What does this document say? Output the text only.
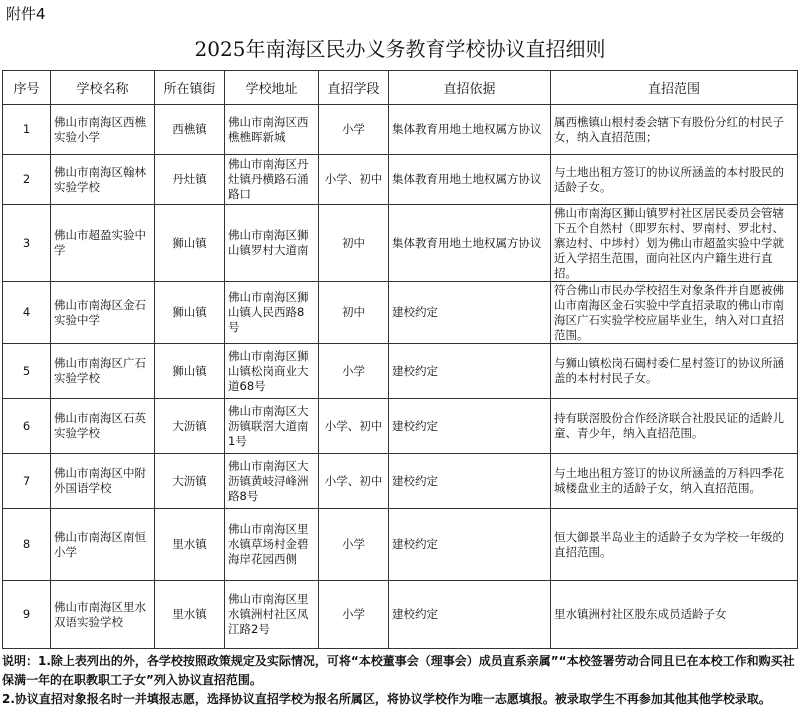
附件4
2025年南海区民办义务教育学校协议直招细则
序号	学校名称	所在镇街	学校地址	直招学段	直招依据	直招范围
1	佛山市南海区西樵实验小学	西樵镇	佛山市南海区西樵樵晖新城	小学	集体教育用地土地权属方协议	属西樵镇山根村委会辖下有股份分红的村民子女，纳入直招范围；
2	佛山市南海区翰林实验学校	丹灶镇	佛山市南海区丹灶镇丹横路石涌路口	小学、初中	集体教育用地土地权属方协议	与土地出租方签订的协议所涵盖的本村股民的适龄子女。
3	佛山市超盈实验中学	狮山镇	佛山市南海区狮山镇罗村大道南	初中	集体教育用地土地权属方协议	佛山市南海区狮山镇罗村社区居民委员会管辖下五个自然村（即罗东村、罗南村、罗北村、寨边村、中埗村）划为佛山市超盈实验中学就近入学招生范围，面向社区内户籍生进行直招。
4	佛山市南海区金石实验中学	狮山镇	佛山市南海区狮山镇人民西路8号	初中	建校约定	符合佛山市民办学校招生对象条件并自愿被佛山市南海区金石实验中学直招录取的佛山市南海区广石实验学校应届毕业生，纳入对口直招范围。
5	佛山市南海区广石实验学校	狮山镇	佛山市南海区狮山镇松岗商业大道68号	小学	建校约定	与狮山镇松岗石碣村委仁星村签订的协议所涵盖的本村村民子女。
6	佛山市南海区石英实验学校	大沥镇	佛山市南海区大沥镇联滘大道南1号	小学、初中	建校约定	持有联滘股份合作经济联合社股民证的适龄儿童、青少年，纳入直招范围。
7	佛山市南海区中附外国语学校	大沥镇	佛山市南海区大沥镇黄岐浔峰洲路8号	小学、初中	建校约定	与土地出租方签订的协议所涵盖的万科四季花城楼盘业主的适龄子女，纳入直招范围。
8	佛山市南海区南恒小学	里水镇	佛山市南海区里水镇草场村金碧海岸花园西侧	小学	建校约定	恒大御景半岛业主的适龄子女为学校一年级的直招范围。
9	佛山市南海区里水双语实验学校	里水镇	佛山市南海区里水镇洲村社区凤江路2号	小学	建校约定	里水镇洲村社区股东成员适龄子女
说明：1.除上表列出的外，各学校按照政策规定及实际情况，可将“本校董事会（理事会）成员直系亲属”“本校签署劳动合同且已在本校工作和购买社保满一年的在职教职工子女”列入协议直招范围。
2.协议直招对象报名时一并填报志愿，选择协议直招学校为报名所属区，将协议学校作为唯一志愿填报。被录取学生不再参加其他其他学校录取。
